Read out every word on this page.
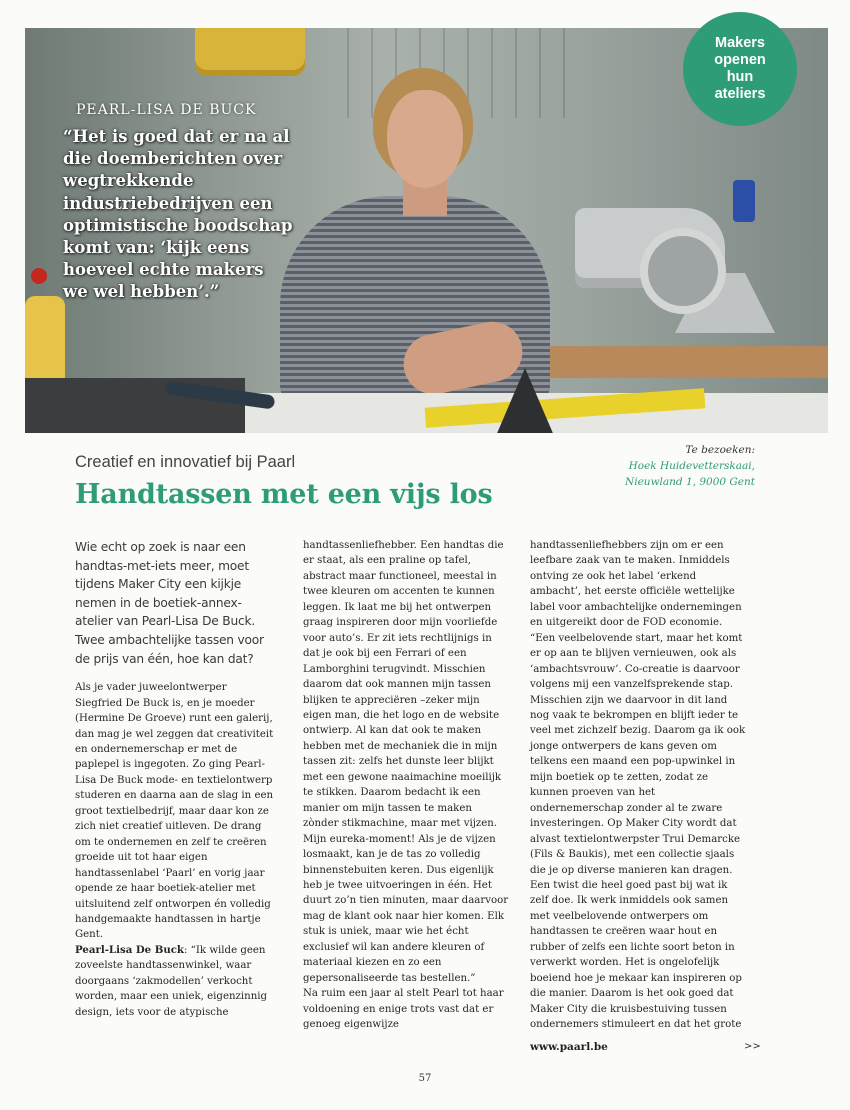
PEARL-LISA DE BUCK
“Het is goed dat er na al die doemberichten over wegtrekkende industriebedrijven een optimistische boodschap komt van: ‘kijk eens hoeveel echte makers we wel hebben’.”
Makers openen hun ateliers
Te bezoeken:
Hoek Huidevetterskaai,
Nieuwland 1, 9000 Gent
Creatief en innovatief bij Paarl
Handtassen met een vijs los

Wie echt op zoek is naar een handtas-met-iets meer, moet tijdens Maker City een kijkje nemen in de boetiek-annex-atelier van Pearl-Lisa De Buck. Twee ambachtelijke tassen voor de prijs van één, hoe kan dat?

Als je vader juweelontwerper Siegfried De Buck is, en je moeder (Hermine De Groeve) runt een galerij, dan mag je wel zeggen dat creativiteit en ondernemerschap er met de paplepel is ingegoten. Zo ging Pearl-Lisa De Buck mode- en textielontwerp studeren en daarna aan de slag in een groot textielbedrijf, maar daar kon ze zich niet creatief uitleven. De drang om te ondernemen en zelf te creëren groeide uit tot haar eigen handtassenlabel ‘Paarl’ en vorig jaar opende ze haar boetiek-atelier met uitsluitend zelf ontworpen én volledig handgemaakte handtassen in hartje Gent.

Pearl-Lisa De Buck: “Ik wilde geen zoveelste handtassenwinkel, waar doorgaans ‘zakmodellen’ verkocht worden, maar een uniek, eigenzinnig design, iets voor de atypische

handtassenliefhebber. Een handtas die er staat, als een praline op tafel, abstract maar functioneel, meestal in twee kleuren om accenten te kunnen leggen. Ik laat me bij het ontwerpen graag inspireren door mijn voorliefde voor auto’s. Er zit iets rechtlijnigs in dat je ook bij een Ferrari of een Lamborghini terugvindt. Misschien daarom dat ook mannen mijn tassen blijken te appreciëren –zeker mijn eigen man, die het logo en de website ontwierp. Al kan dat ook te maken hebben met de mechaniek die in mijn tassen zit: zelfs het dunste leer blijkt met een gewone naaimachine moeilijk te stikken. Daarom bedacht ik een manier om mijn tassen te maken zònder stikmachine, maar met vijzen. Mijn eureka-moment! Als je de vijzen losmaakt, kan je de tas zo volledig binnenstebuiten keren. Dus eigenlijk heb je twee uitvoeringen in één. Het duurt zo’n tien minuten, maar daarvoor mag de klant ook naar hier komen. Elk stuk is uniek, maar wie het écht exclusief wil kan andere kleuren of materiaal kiezen en zo een gepersonaliseerde tas bestellen.”

Na ruim een jaar al stelt Pearl tot haar voldoening en enige trots vast dat er genoeg eigenwijze

handtassenliefhebbers zijn om er een leefbare zaak van te maken. Inmiddels ontving ze ook het label ‘erkend ambacht’, het eerste officiële wettelijke label voor ambachtelijke ondernemingen en uitgereikt door de FOD economie. “Een veelbelovende start, maar het komt er op aan te blijven vernieuwen, ook als ‘ambachtsvrouw’. Co-creatie is daarvoor volgens mij een vanzelfsprekende stap. Misschien zijn we daarvoor in dit land nog vaak te bekrompen en blijft ieder te veel met zichzelf bezig. Daarom ga ik ook jonge ontwerpers de kans geven om telkens een maand een pop-upwinkel in mijn boetiek op te zetten, zodat ze kunnen proeven van het ondernemerschap zonder al te zware investeringen. Op Maker City wordt dat alvast textielontwerpster Trui Demarcke (Fils & Baukis), met een collectie sjaals die je op diverse manieren kan dragen. Een twist die heel goed past bij wat ik zelf doe. Ik werk inmiddels ook samen met veelbelovende ontwerpers om handtassen te creëren waar hout en rubber of zelfs een lichte soort beton in verwerkt worden. Het is ongelofelijk boeiend hoe je mekaar kan inspireren op die manier. Daarom is het ook goed dat Maker City die kruisbestuiving tussen ondernemers stimuleert en dat het grote

www.paarl.be	>>
57
